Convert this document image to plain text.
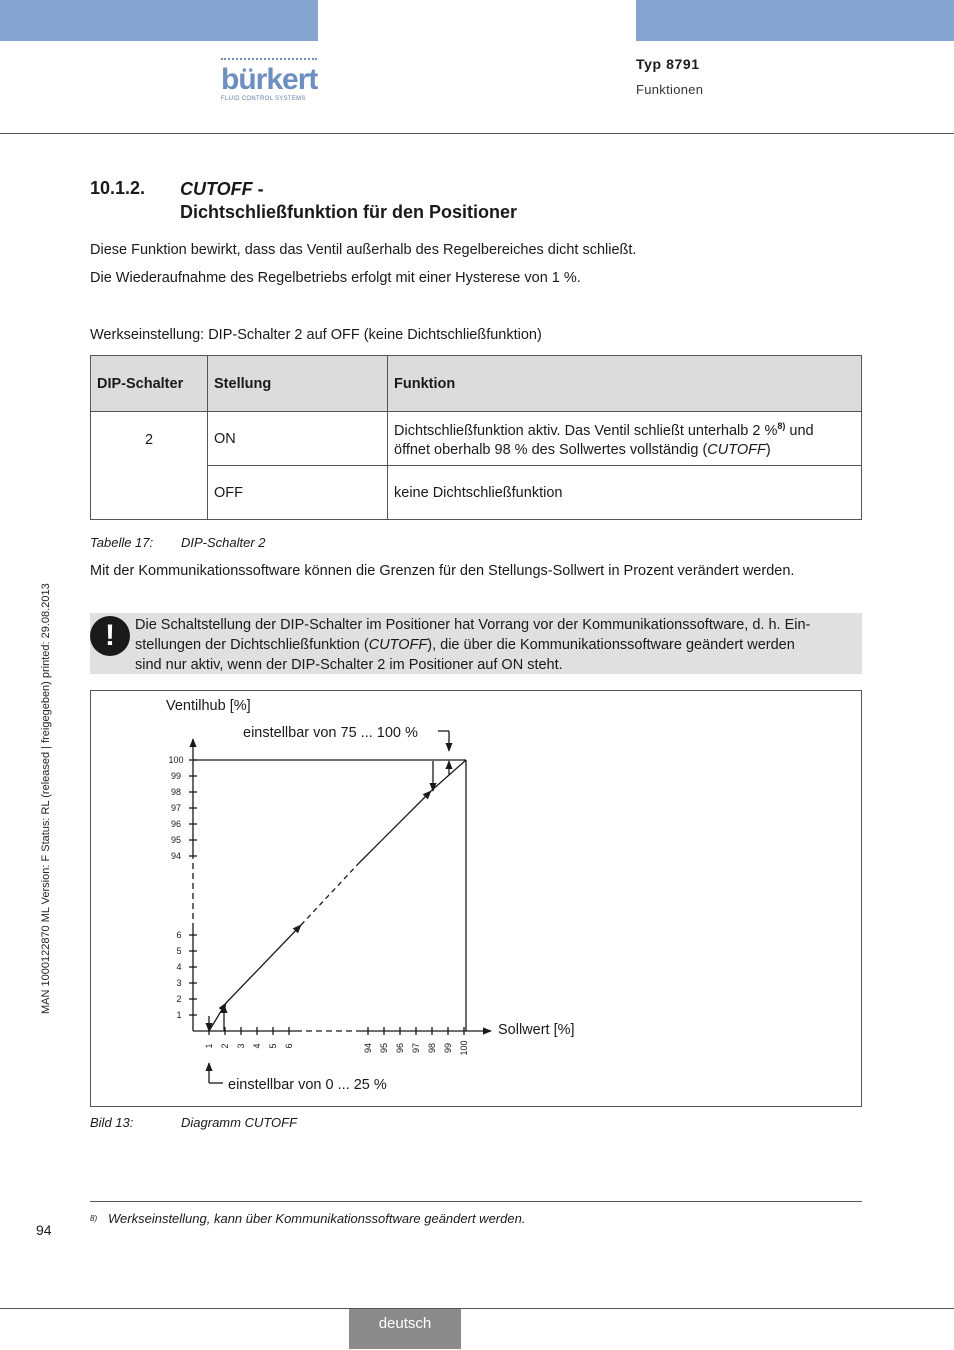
bürkert
FLUID CONTROL SYSTEMS
Typ 8791
Funktionen
10.1.2. CUTOFF -
Dichtschließfunktion für den Positioner
Diese Funktion bewirkt, dass das Ventil außerhalb des Regelbereiches dicht schließt.
Die Wiederaufnahme des Regelbetriebs erfolgt mit einer Hysterese von 1 %.
Werkseinstellung: DIP-Schalter 2 auf OFF (keine Dichtschließfunktion)
DIP-Schalter	Stellung	Funktion
2	ON	Dichtschließfunktion aktiv. Das Ventil schließt unterhalb 2 %$^{8)}$ und
öffnet oberhalb 98 % des Sollwertes vollständig (CUTOFF)
	OFF	keine Dichtschließfunktion
Tabelle 17: DIP-Schalter 2
Mit der Kommunikationssoftware können die Grenzen für den Stellungs-Sollwert in Prozent verändert werden.
!	Die Schaltstellung der DIP-Schalter im Positioner hat Vorrang vor der Kommunikationssoftware, d. h. Ein-
stellungen der Dichtschließfunktion (CUTOFF), die über die Kommunikationssoftware geändert werden
sind nur aktiv, wenn der DIP-Schalter 2 im Positioner auf ON steht.
Ventilhub [%]
Sollwert [%]
einstellbar von 75 ... 100 %
einstellbar von 0 ... 25 %
100
99
98
97
96
95
94
6
5
4
3
2
1
1 2 3 4 5 6	94 95 96 97 98 99 100
Bild 13:	Diagramm CUTOFF
8) Werkseinstellung, kann über Kommunikationssoftware geändert werden.
94
MAN 1000122870 ML Version: F Status: RL (released | freigegeben) printed: 29.08.2013
deutsch
